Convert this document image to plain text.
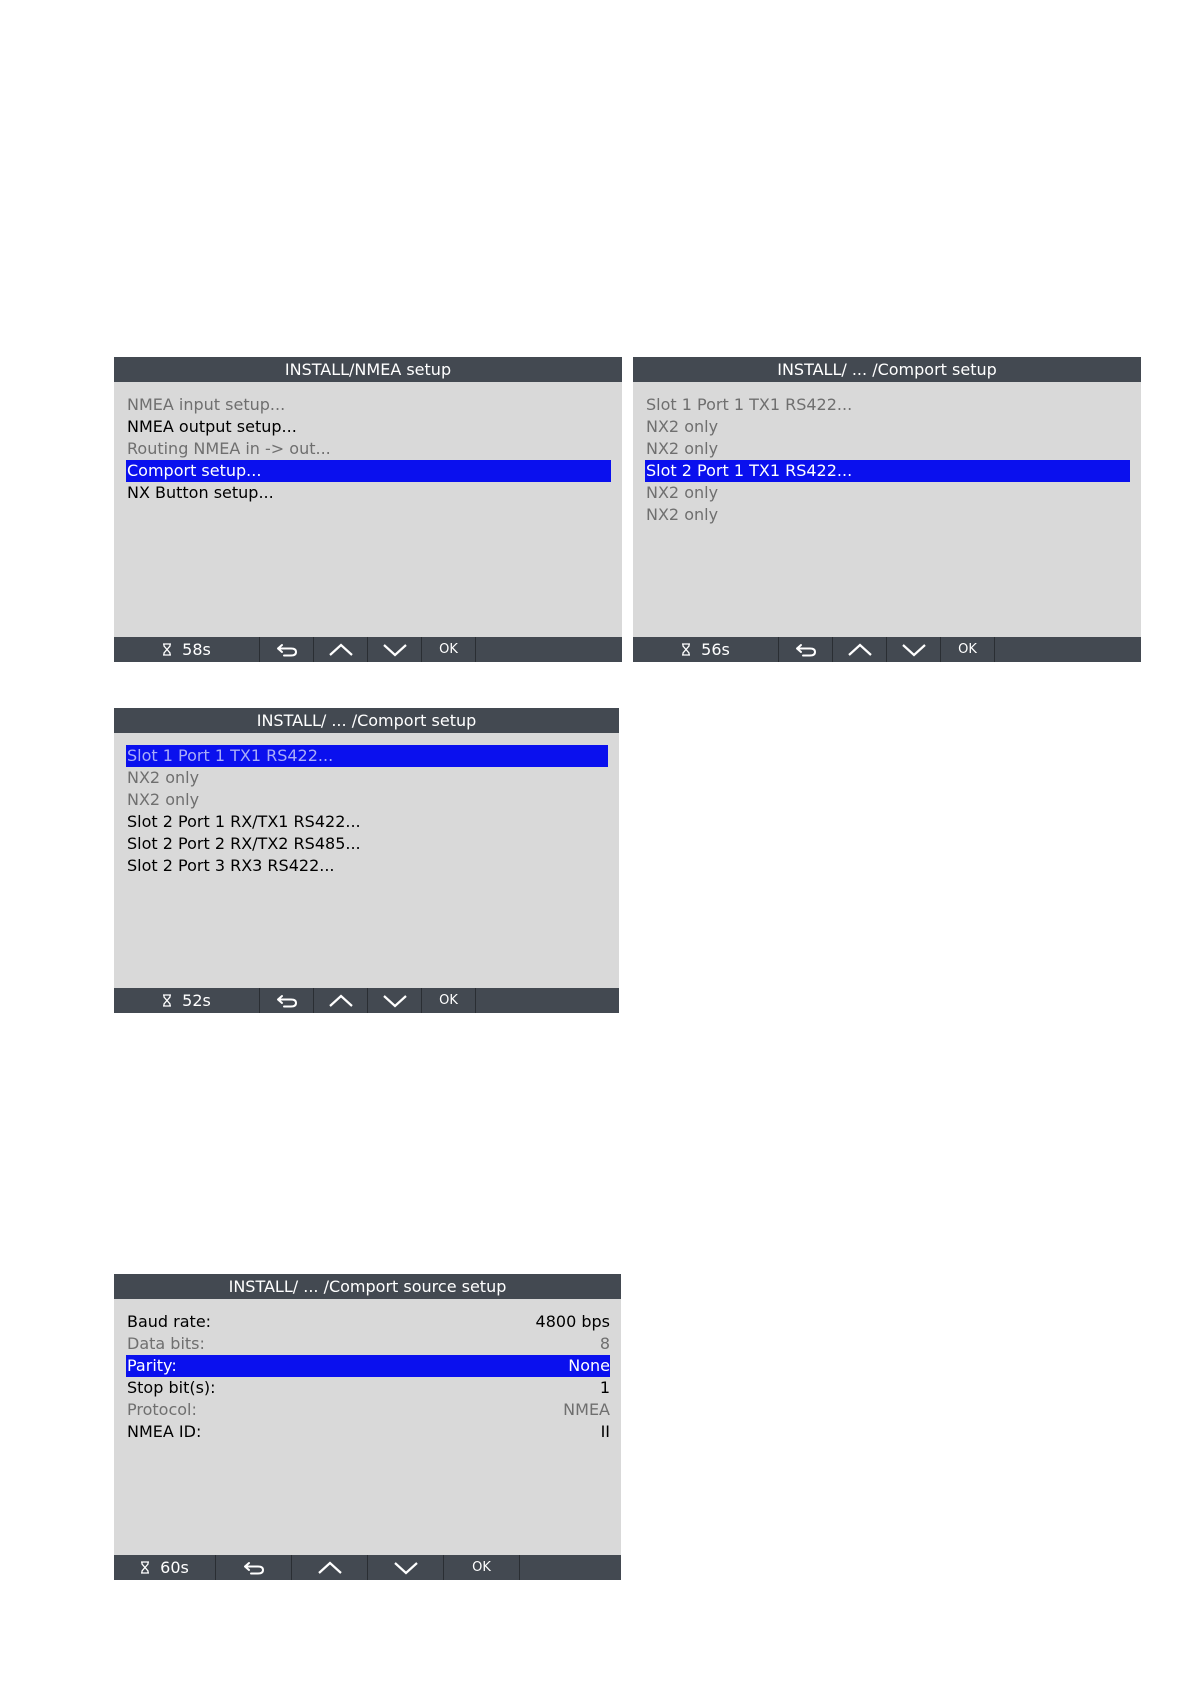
INSTALL/NMEA setup
NMEA input setup...
NMEA output setup...
Routing NMEA in -> out...
Comport setup...
NX Button setup...
58s	OK
INSTALL/ ... /Comport setup
Slot 1 Port 1 TX1 RS422...
NX2 only
NX2 only
Slot 2 Port 1 TX1 RS422...
NX2 only
NX2 only
56s	OK
INSTALL/ ... /Comport setup
Slot 1 Port 1 TX1 RS422...
NX2 only
NX2 only
Slot 2 Port 1 RX/TX1 RS422...
Slot 2 Port 2 RX/TX2 RS485...
Slot 2 Port 3 RX3 RS422...
52s	OK
INSTALL/ ... /Comport source setup
Baud rate:	4800 bps
Data bits:	8
Parity:	None
Stop bit(s):	1
Protocol:	NMEA
NMEA ID:	II
60s	OK
